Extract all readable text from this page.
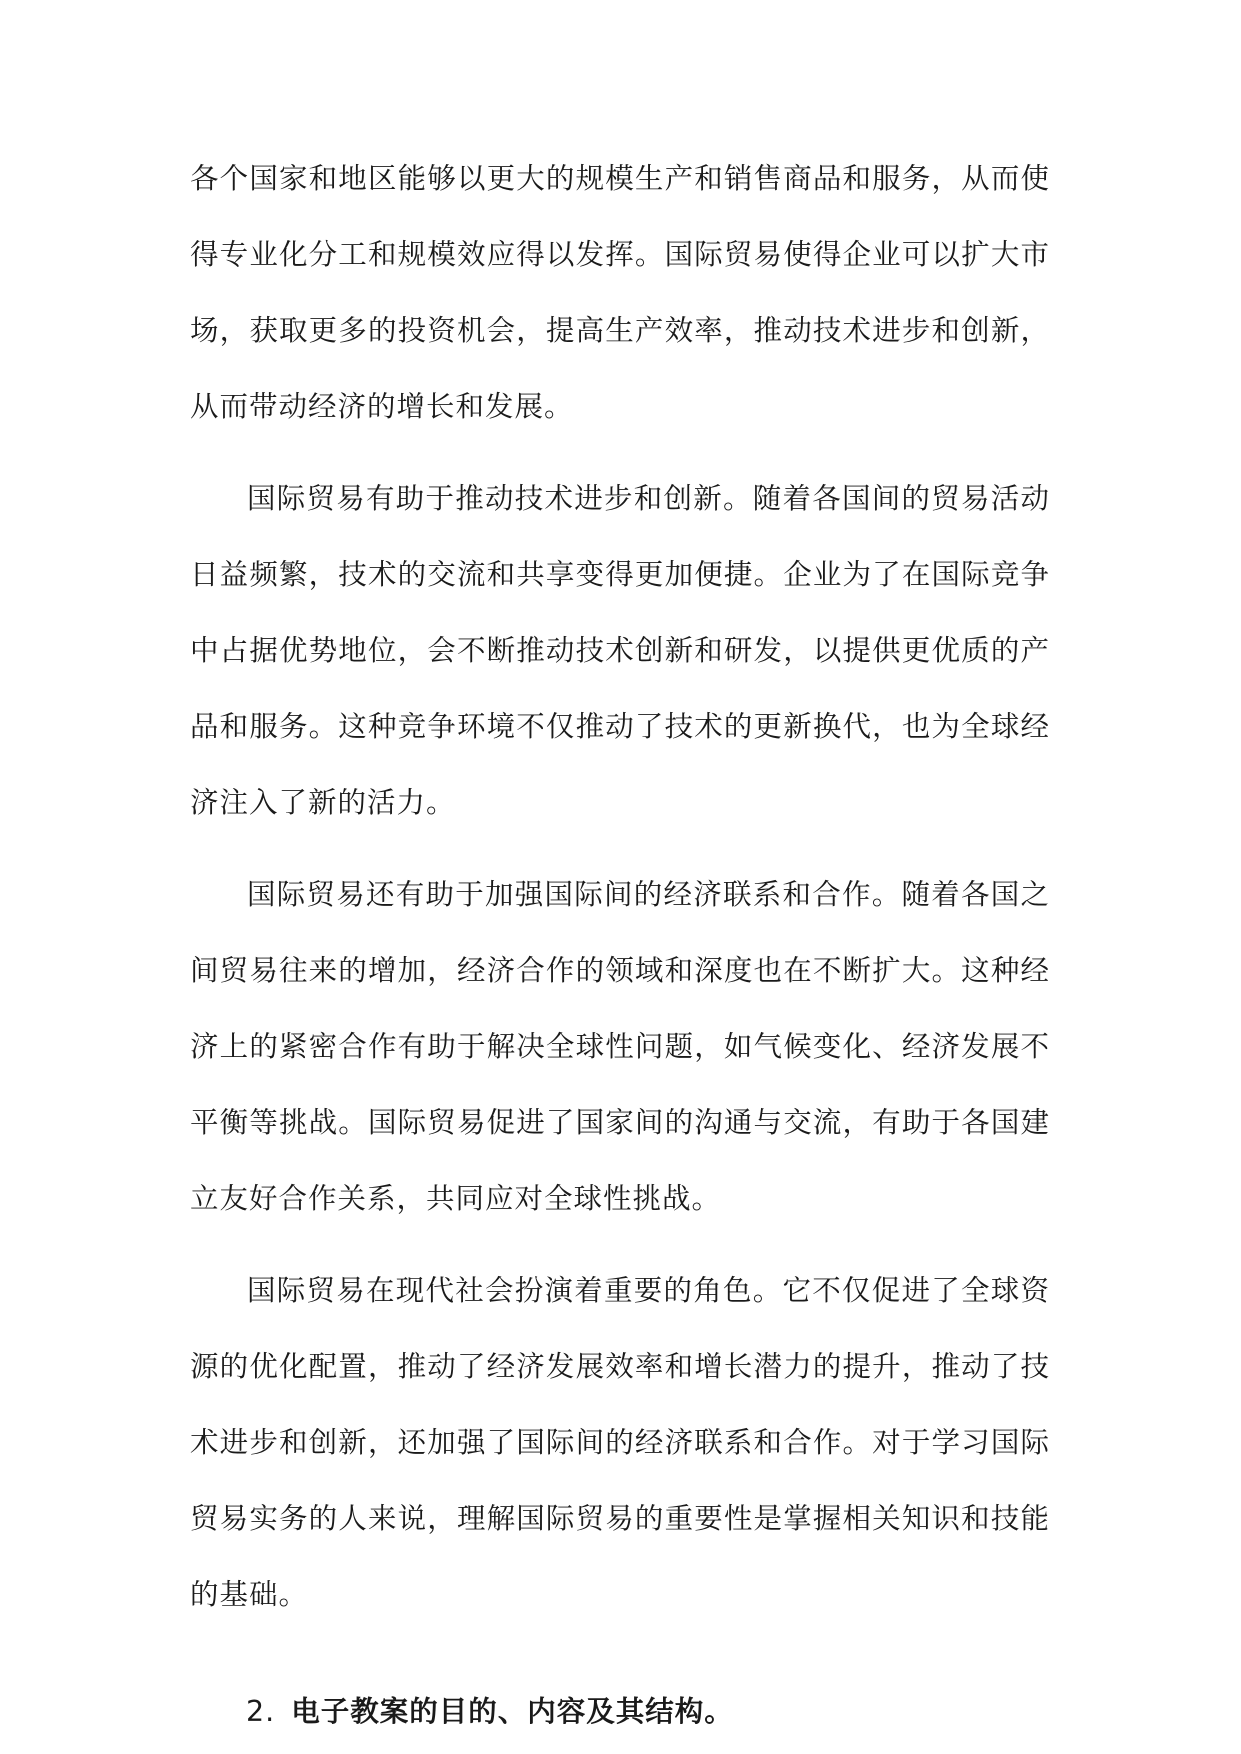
各个国家和地区能够以更大的规模生产和销售商品和服务，从而使得专业化分工和规模效应得以发挥。国际贸易使得企业可以扩大市场，获取更多的投资机会，提高生产效率，推动技术进步和创新，从而带动经济的增长和发展。

国际贸易有助于推动技术进步和创新。随着各国间的贸易活动日益频繁，技术的交流和共享变得更加便捷。企业为了在国际竞争中占据优势地位，会不断推动技术创新和研发，以提供更优质的产品和服务。这种竞争环境不仅推动了技术的更新换代，也为全球经济注入了新的活力。

国际贸易还有助于加强国际间的经济联系和合作。随着各国之间贸易往来的增加，经济合作的领域和深度也在不断扩大。这种经济上的紧密合作有助于解决全球性问题，如气候变化、经济发展不平衡等挑战。国际贸易促进了国家间的沟通与交流，有助于各国建立友好合作关系，共同应对全球性挑战。

国际贸易在现代社会扮演着重要的角色。它不仅促进了全球资源的优化配置，推动了经济发展效率和增长潜力的提升，推动了技术进步和创新，还加强了国际间的经济联系和合作。对于学习国际贸易实务的人来说，理解国际贸易的重要性是掌握相关知识和技能的基础。

2. 电子教案的目的、内容及其结构。
